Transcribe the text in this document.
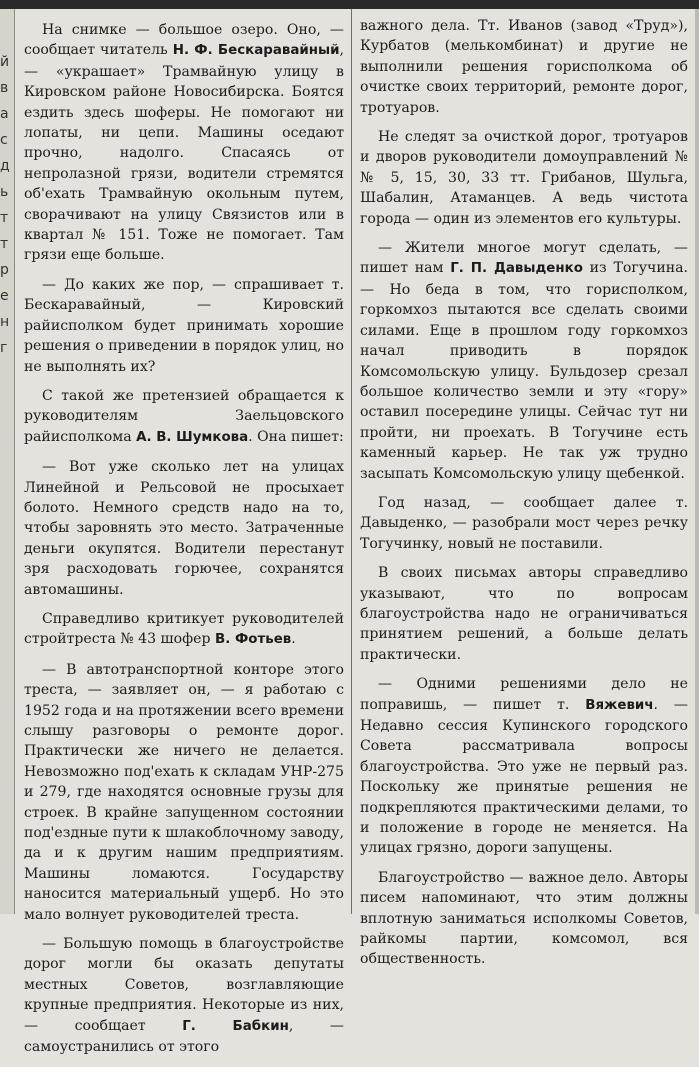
й
в
а
с
д
ь
т
т
р
е
н
г

На снимке — большое озеро. Оно, — сообщает читатель Н. Ф. Бескаравайный, — «украшает» Трамвайную улицу в Кировском районе Новосибирска. Боятся ездить здесь шоферы. Не помогают ни лопаты, ни цепи. Машины оседают прочно, надолго. Спасаясь от непролазной грязи, водители стремятся об'ехать Трамвайную окольным путем, сворачивают на улицу Связистов или в квартал № 151. Тоже не помогает. Там грязи еще больше.

— До каких же пор, — спрашивает т. Бескаравайный, — Кировский райисполком будет принимать хорошие решения о приведении в порядок улиц, но не выполнять их?

С такой же претензией обращается к руководителям Заельцовского райисполкома А. В. Шумкова. Она пишет:

— Вот уже сколько лет на улицах Линейной и Рельсовой не просыхает болото. Немного средств надо на то, чтобы заровнять это место. Затраченные деньги окупятся. Водители перестанут зря расходовать горючее, сохранятся автомашины.

Справедливо критикует руководителей стройтреста № 43 шофер В. Фотьев.

— В автотранспортной конторе этого треста, — заявляет он, — я работаю с 1952 года и на протяжении всего времени слышу разговоры о ремонте дорог. Практически же ничего не делается. Невозможно под'ехать к складам УНР-275 и 279, где находятся основные грузы для строек. В крайне запущенном состоянии под'ездные пути к шлакоблочному заводу, да и к другим нашим предприятиям. Машины ломаются. Государству наносится материальный ущерб. Но это мало волнует руководителей треста.

— Большую помощь в благоустройстве дорог могли бы оказать депутаты местных Советов, возглавляющие крупные предприятия. Некоторые из них, — сообщает Г. Бабкин, — самоустранились от этого

важного дела. Тт. Иванов (завод «Труд»), Курбатов (мелькомбинат) и другие не выполнили решения горисполкома об очистке своих территорий, ремонте дорог, тротуаров.

Не следят за очисткой дорог, тротуаров и дворов руководители домоуправлений №№ 5, 15, 30, 33 тт. Грибанов, Шульга, Шабалин, Атаманцев. А ведь чистота города — один из элементов его культуры.

— Жители многое могут сделать, — пишет нам Г. П. Давыденко из Тогучина. — Но беда в том, что горисполком, горкомхоз пытаются все сделать своими силами. Еще в прошлом году горкомхоз начал приводить в порядок Комсомольскую улицу. Бульдозер срезал большое количество земли и эту «гору» оставил посередине улицы. Сейчас тут ни пройти, ни проехать. В Тогучине есть каменный карьер. Не так уж трудно засыпать Комсомольскую улицу щебенкой.

Год назад, — сообщает далее т. Давыденко, — разобрали мост через речку Тогучинку, новый не поставили.

В своих письмах авторы справедливо указывают, что по вопросам благоустройства надо не ограничиваться принятием решений, а больше делать практически.

— Одними решениями дело не поправишь, — пишет т. Вяжевич. — Недавно сессия Купинского городского Совета рассматривала вопросы благоустройства. Это уже не первый раз. Поскольку же принятые решения не подкрепляются практическими делами, то и положение в городе не меняется. На улицах грязно, дороги запущены.

Благоустройство — важное дело. Авторы писем напоминают, что этим должны вплотную заниматься исполкомы Советов, райкомы партии, комсомол, вся общественность.
